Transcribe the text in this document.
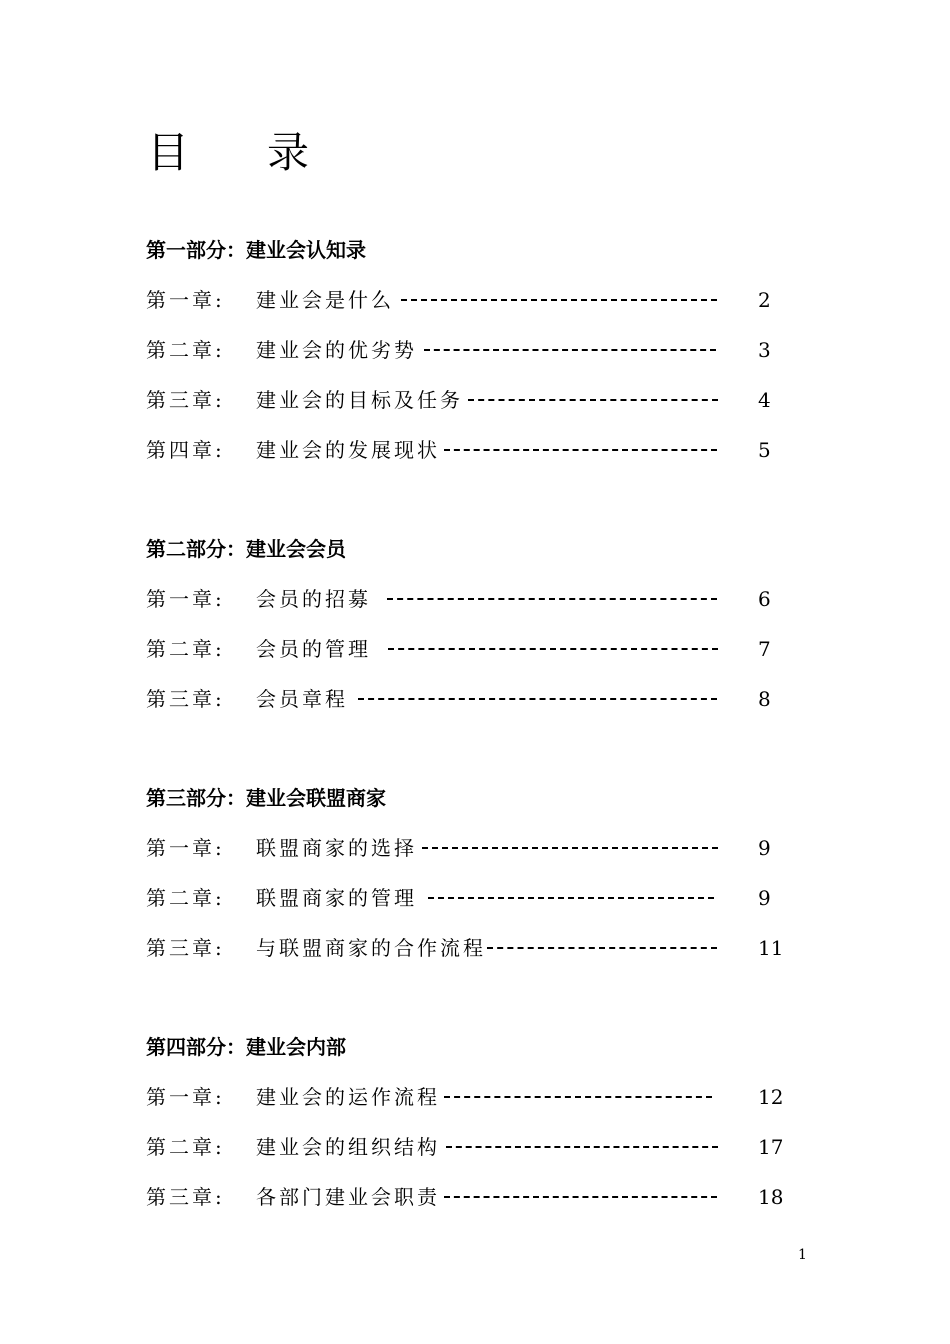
目录
第一部分：建业会认知录
第一章: 建业会是什么	2
第二章: 建业会的优劣势	3
第三章: 建业会的目标及任务	4
第四章: 建业会的发展现状	5
第二部分：建业会会员
第一章: 会员的招募	6
第二章: 会员的管理	7
第三章: 会员章程	8
第三部分：建业会联盟商家
第一章: 联盟商家的选择	9
第二章: 联盟商家的管理	9
第三章: 与联盟商家的合作流程	11
第四部分：建业会内部
第一章: 建业会的运作流程	12
第二章: 建业会的组织结构	17
第三章: 各部门建业会职责	18
1
